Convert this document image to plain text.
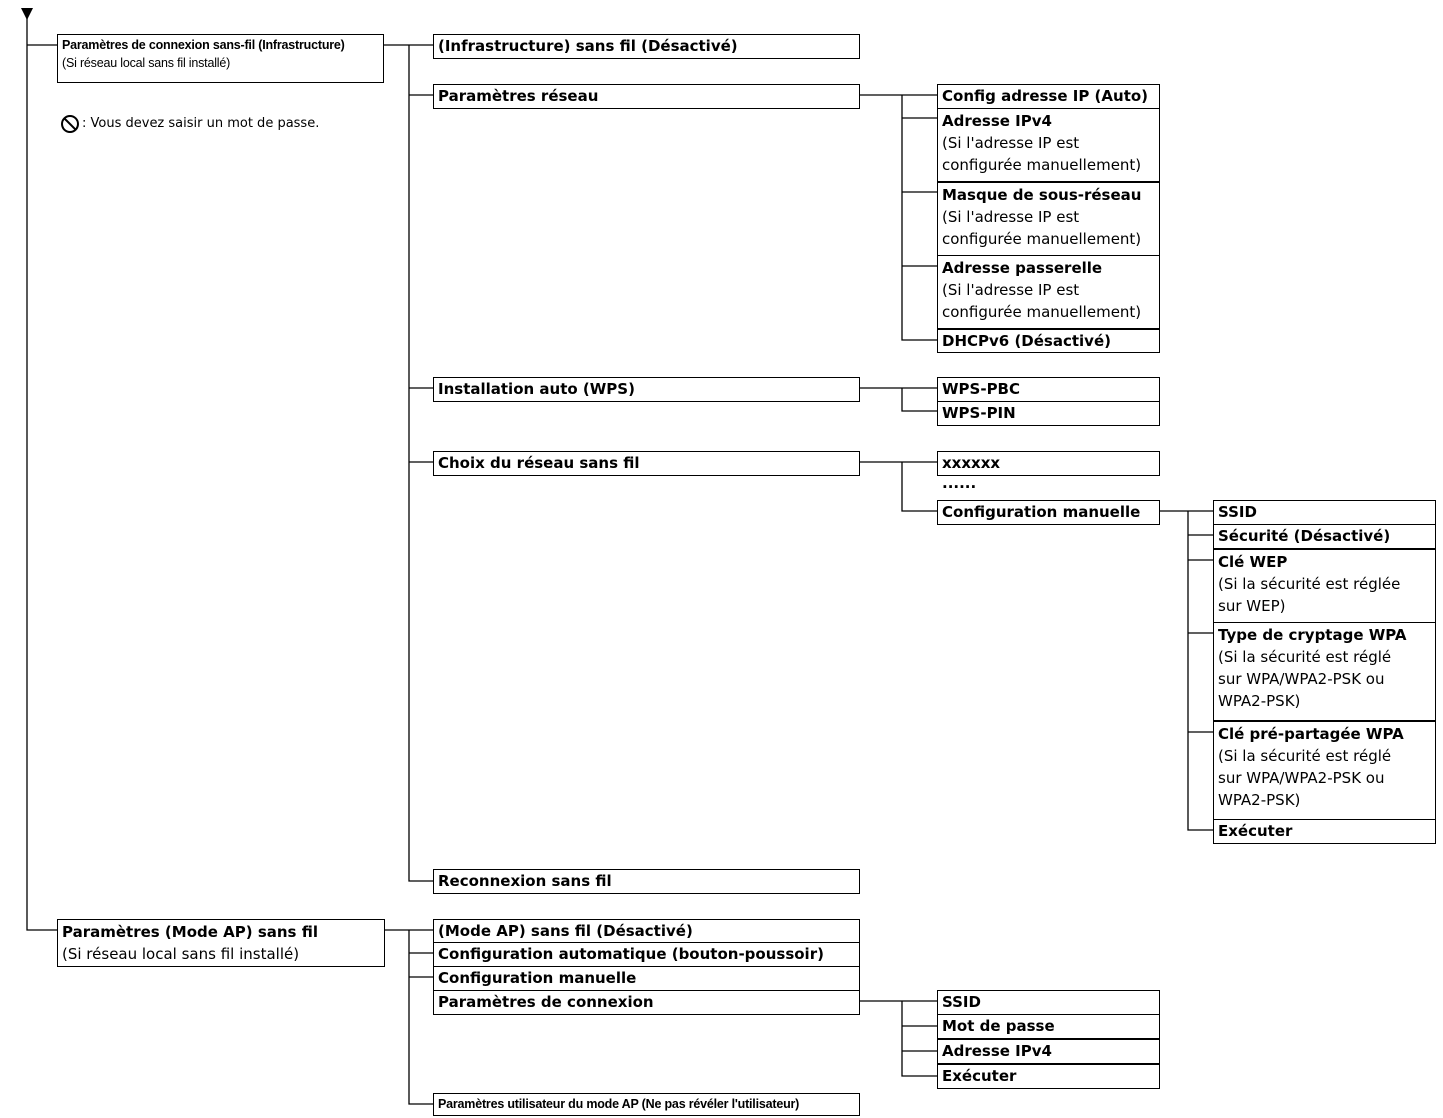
Paramètres de connexion sans-fil (Infrastructure)
(Si réseau local sans fil installé)
: Vous devez saisir un mot de passe.
(Infrastructure) sans fil (Désactivé)
Paramètres réseau
Installation auto (WPS)
Choix du réseau sans fil
Reconnexion sans fil
Config adresse IP (Auto)
Adresse IPv4
(Si l'adresse IP est
configurée manuellement)
Masque de sous-réseau
(Si l'adresse IP est
configurée manuellement)
Adresse passerelle
(Si l'adresse IP est
configurée manuellement)
DHCPv6 (Désactivé)
WPS-PBC
WPS-PIN
xxxxxx
......
Configuration manuelle	SSID
Sécurité (Désactivé)
Clé WEP
(Si la sécurité est réglée
sur WEP)
Type de cryptage WPA
(Si la sécurité est réglé
sur WPA/WPA2-PSK ou
WPA2-PSK)
Clé pré-partagée WPA
(Si la sécurité est réglé
sur WPA/WPA2-PSK ou
WPA2-PSK)
Exécuter
Paramètres (Mode AP) sans fil
(Si réseau local sans fil installé)
(Mode AP) sans fil (Désactivé)
Configuration automatique (bouton-poussoir)
Configuration manuelle
Paramètres de connexion
Paramètres utilisateur du mode AP (Ne pas révéler l'utilisateur)
SSID
Mot de passe
Adresse IPv4
Exécuter
